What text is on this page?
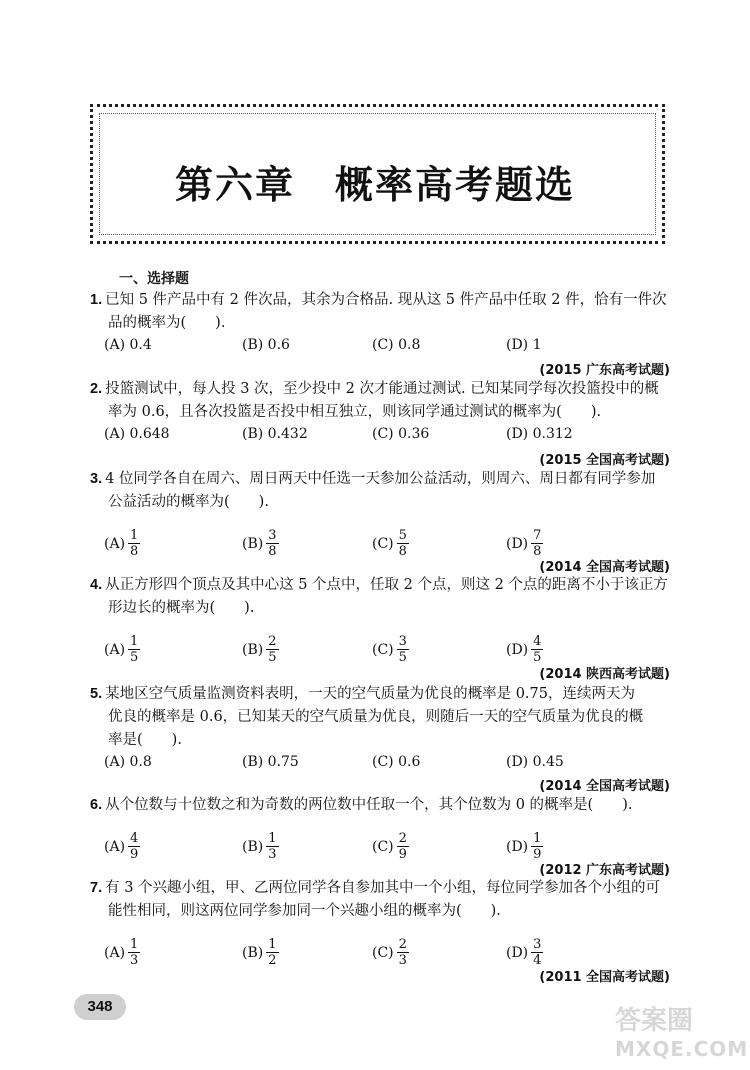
第六章　概率高考题选
一、选择题
1. 已知 5 件产品中有 2 件次品，其余为合格品. 现从这 5 件产品中任取 2 件，恰有一件次
品的概率为(　　).
(A) 0.4	(B) 0.6	(C) 0.8	(D) 1
(2015 广东高考试题)
2. 投篮测试中，每人投 3 次，至少投中 2 次才能通过测试. 已知某同学每次投篮投中的概
率为 0.6，且各次投篮是否投中相互独立，则该同学通过测试的概率为(　　).
(A) 0.648	(B) 0.432	(C) 0.36	(D) 0.312
(2015 全国高考试题)
3. 4 位同学各自在周六、周日两天中任选一天参加公益活动，则周六、周日都有同学参加
公益活动的概率为(　　).
$(A) \frac{1}{8}$	$(B) \frac{3}{8}$	$(C) \frac{5}{8}$	$(D) \frac{7}{8}$
(2014 全国高考试题)
4. 从正方形四个顶点及其中心这 5 个点中，任取 2 个点，则这 2 个点的距离不小于该正方
形边长的概率为(　　).
$(A) \frac{1}{5}$	$(B) \frac{2}{5}$	$(C) \frac{3}{5}$	$(D) \frac{4}{5}$
(2014 陕西高考试题)
5. 某地区空气质量监测资料表明，一天的空气质量为优良的概率是 0.75，连续两天为
优良的概率是 0.6，已知某天的空气质量为优良，则随后一天的空气质量为优良的概
率是(　　).
(A) 0.8	(B) 0.75	(C) 0.6	(D) 0.45
(2014 全国高考试题)
6. 从个位数与十位数之和为奇数的两位数中任取一个，其个位数为 0 的概率是(　　).
$(A) \frac{4}{9}$	$(B) \frac{1}{3}$	$(C) \frac{2}{9}$	$(D) \frac{1}{9}$
(2012 广东高考试题)
7. 有 3 个兴趣小组，甲、乙两位同学各自参加其中一个小组，每位同学参加各个小组的可
能性相同，则这两位同学参加同一个兴趣小组的概率为(　　).
$(A) \frac{1}{3}$	$(B) \frac{1}{2}$	$(C) \frac{2}{3}$	$(D) \frac{3}{4}$
(2011 全国高考试题)
348	答案圈
MXQE.COM
